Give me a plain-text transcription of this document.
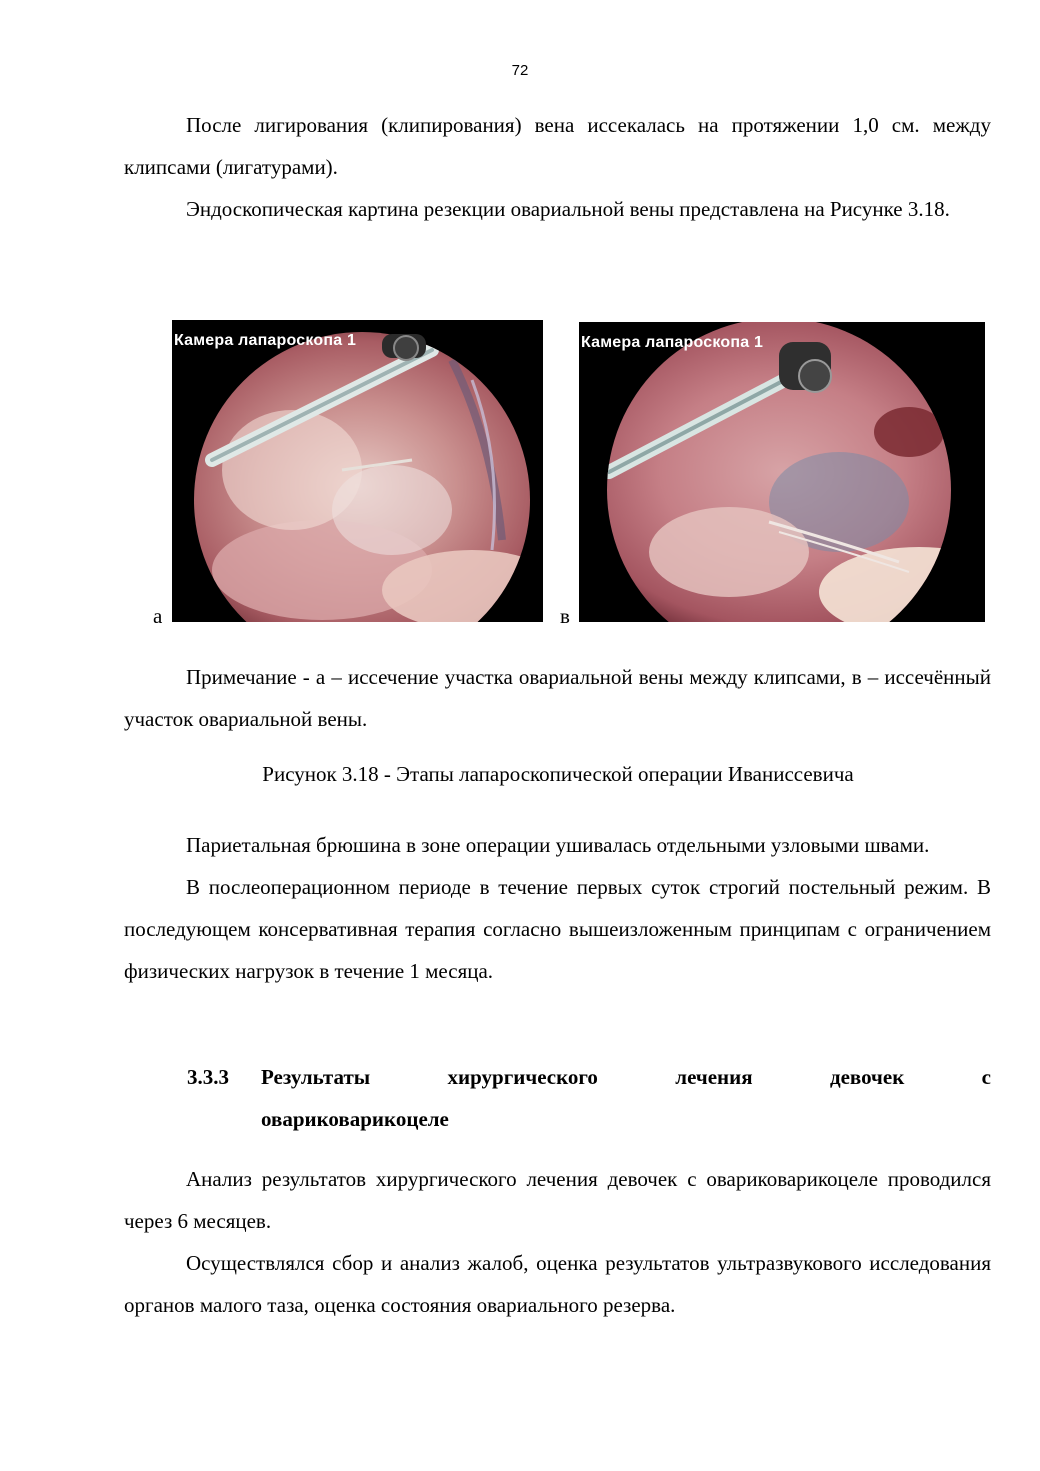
72

После лигирования (клипирования) вена иссекалась на протяжении 1,0 см. между клипсами (лигатурами).

Эндоскопическая картина резекции овариальной вены представлена на Рисунке 3.18.

а
Камера лапароскопа 1
в
Камера лапароскопа 1

Примечание - а – иссечение участка овариальной вены между клипсами, в – иссечённый участок овариальной вены.

Рисунок 3.18 - Этапы лапароскопической операции Иваниссевича

Париетальная брюшина в зоне операции ушивалась отдельными узловыми швами.

В послеоперационном периоде в течение первых суток строгий постельный режим. В последующем консервативная терапия согласно вышеизложенным принципам с ограничением физических нагрузок в течение 1 месяца.

3.3.3 Результаты хирургического лечения девочек с
овариковарикоцеле

Анализ результатов хирургического лечения девочек с овариковарикоцеле проводился через 6 месяцев.

Осуществлялся сбор и анализ жалоб, оценка результатов ультразвукового исследования органов малого таза, оценка состояния овариального резерва.
